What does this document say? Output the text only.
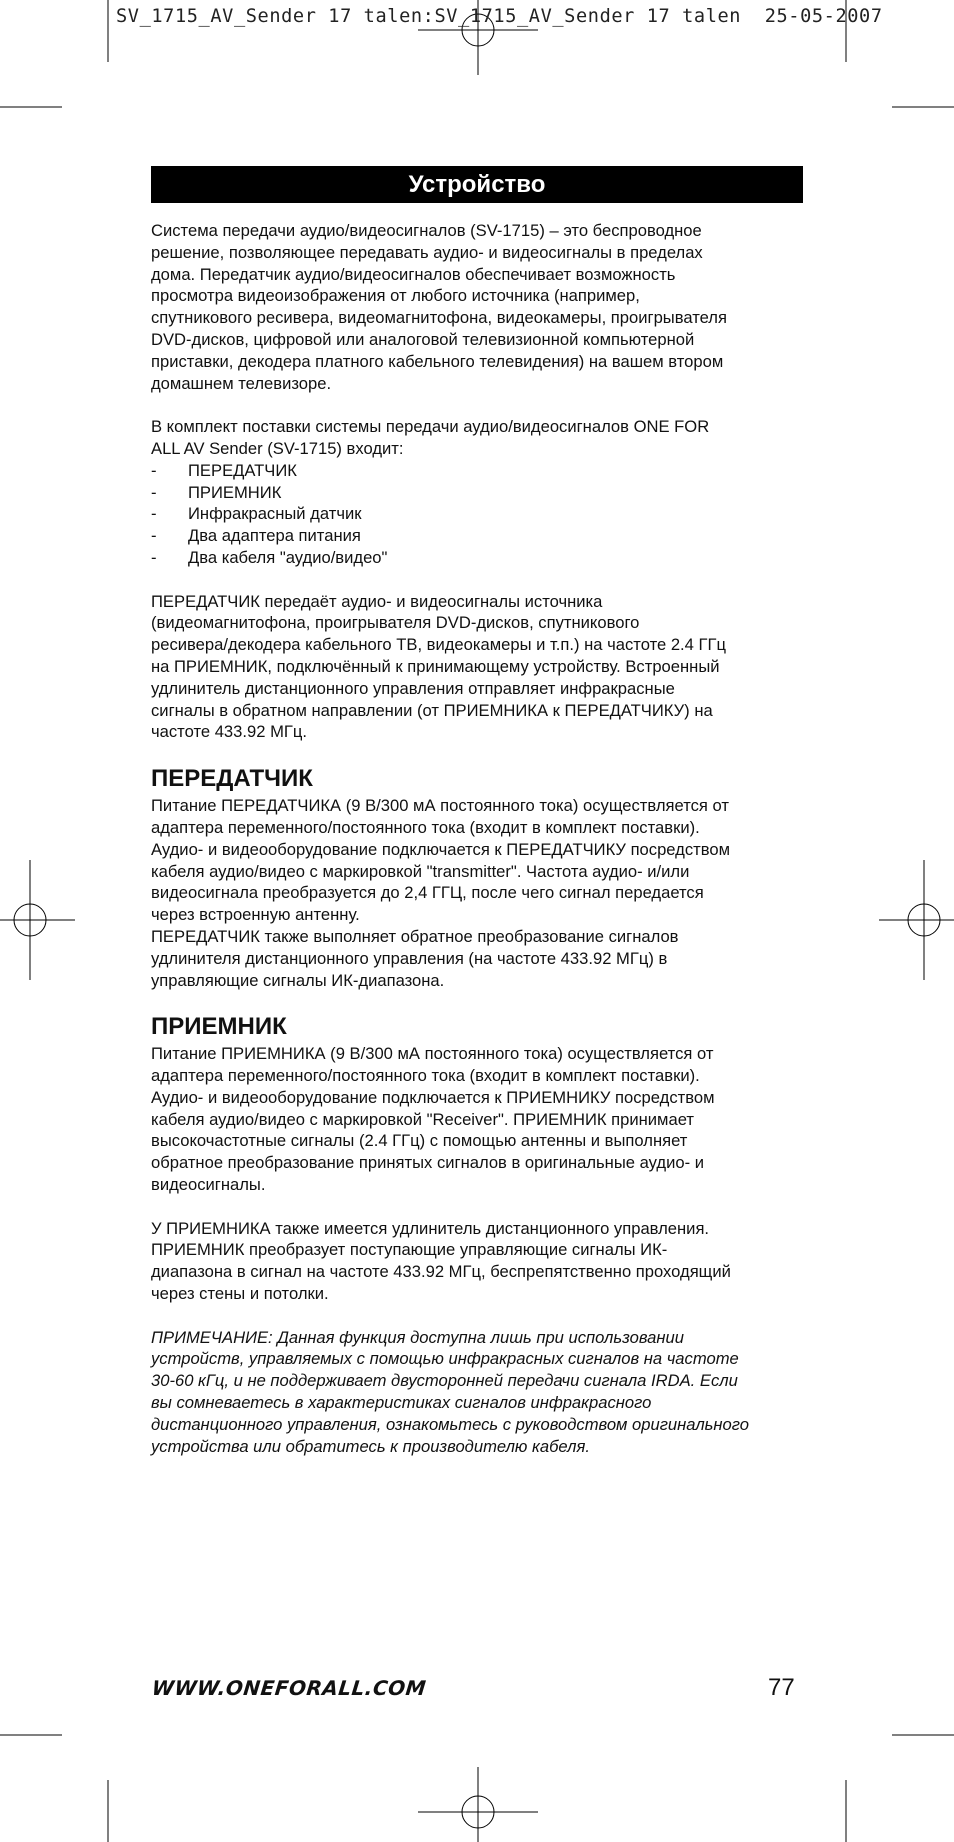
SV_1715_AV_Sender 17 talen:SV_1715_AV_Sender 17 talen  25-05-2007
Устройство

Система передачи аудио/видеосигналов (SV-1715) – это беспроводное

решение, позволяющее передавать аудио- и видеосигналы в пределах

дома. Передатчик аудио/видеосигналов обеспечивает возможность

просмотра видеоизображения от любого источника (например,

спутникового ресивера, видеомагнитофона, видеокамеры, проигрывателя

DVD-дисков, цифровой или аналоговой телевизионной компьютерной

приставки, декодера платного кабельного телевидения) на вашем втором

домашнем телевизоре.

В комплект поставки системы передачи аудио/видеосигналов ONE FOR

ALL AV Sender (SV-1715) входит:

- ПЕРЕДАТЧИК
- ПРИЕМНИК
- Инфракрасный датчик
- Два адаптера питания
- Два кабеля "аудио/видео"

ПЕРЕДАТЧИК передаёт аудио- и видеосигналы источника

(видеомагнитофона, проигрывателя DVD-дисков, спутникового

ресивера/декодера кабельного ТВ, видеокамеры и т.п.) на частоте 2.4 ГГц

на ПРИЕМНИК, подключённый к принимающему устройству. Встроенный

удлинитель дистанционного управления отправляет инфракрасные

сигналы в обратном направлении (от ПРИЕМНИКА к ПЕРЕДАТЧИКУ) на

частоте 433.92 МГц.

ПЕРЕДАТЧИК

Питание ПЕРЕДАТЧИКА (9 В/300 мА постоянного тока) осуществляется от

адаптера переменного/постоянного тока (входит в комплект поставки).

Аудио- и видеооборудование подключается к ПЕРЕДАТЧИКУ посредством

кабеля аудио/видео с маркировкой "transmitter". Частота аудио- и/или

видеосигнала преобразуется до 2,4 ГГЦ, после чего сигнал передается

через встроенную антенну.

ПЕРЕДАТЧИК также выполняет обратное преобразование сигналов

удлинителя дистанционного управления (на частоте 433.92 МГц) в

управляющие сигналы ИК-диапазона.

ПРИЕМНИК

Питание ПРИЕМНИКА (9 В/300 мА постоянного тока) осуществляется от

адаптера переменного/постоянного тока (входит в комплект поставки).

Аудио- и видеооборудование подключается к ПРИЕМНИКУ посредством

кабеля аудио/видео с маркировкой "Receiver". ПРИЕМНИК принимает

высокочастотные сигналы (2.4 ГГц) с помощью антенны и выполняет

обратное преобразование принятых сигналов в оригинальные аудио- и

видеосигналы.

У ПРИЕМНИКА также имеется удлинитель дистанционного управления.

ПРИЕМНИК преобразует поступающие управляющие сигналы ИК-

диапазона в сигнал на частоте 433.92 МГц, беспрепятственно проходящий

через стены и потолки.

ПРИМЕЧАНИЕ: Данная функция доступна лишь при использовании

устройств, управляемых с помощью инфракрасных сигналов на частоте

30-60 кГц, и не поддерживает двусторонней передачи сигнала IRDA. Если

вы сомневаетесь в характеристиках сигналов инфракрасного

дистанционного управления, ознакомьтесь с руководством оригинального

устройства или обратитесь к производителю кабеля.

WWW.ONEFORALL.COM	77
